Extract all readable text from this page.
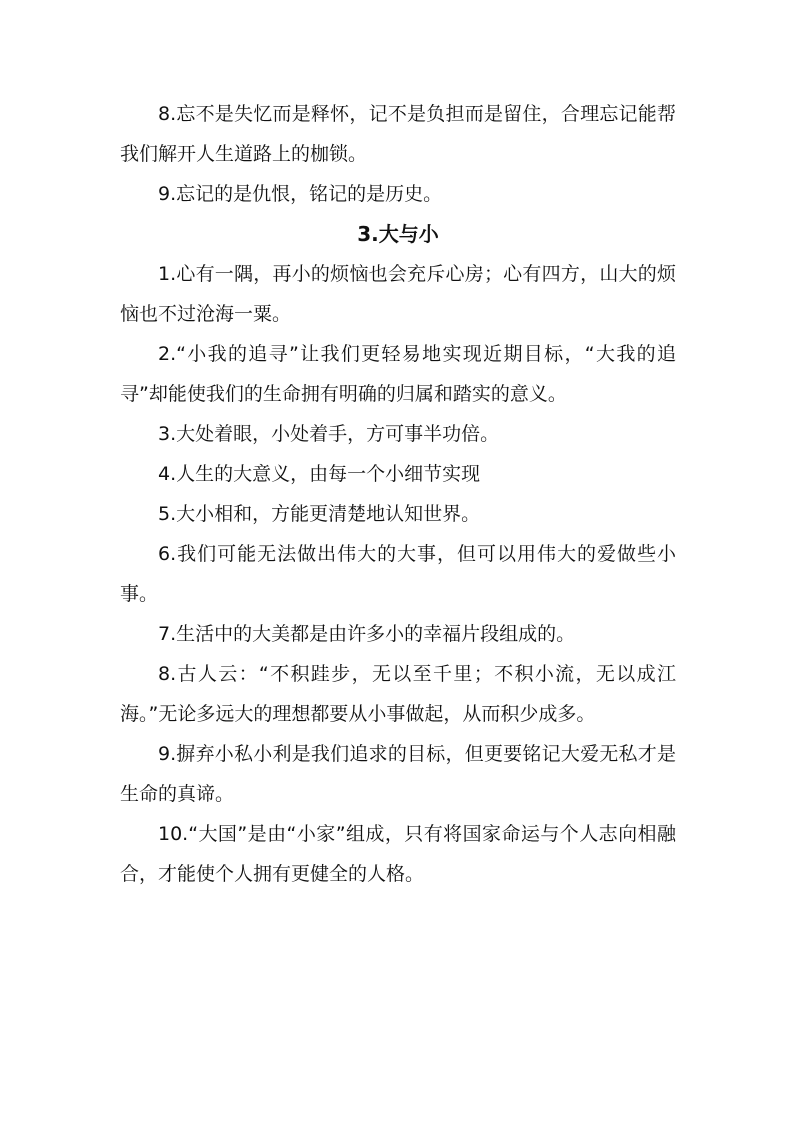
8.忘不是失忆而是释怀，记不是负担而是留住，合理忘记能帮我们解开人生道路上的枷锁。

9.忘记的是仇恨，铭记的是历史。

3.大与小

1.心有一隅，再小的烦恼也会充斥心房；心有四方，山大的烦恼也不过沧海一粟。

2.“小我的追寻”让我们更轻易地实现近期目标，“大我的追寻”却能使我们的生命拥有明确的归属和踏实的意义。

3.大处着眼，小处着手，方可事半功倍。

4.人生的大意义，由每一个小细节实现

5.大小相和，方能更清楚地认知世界。

6.我们可能无法做出伟大的大事，但可以用伟大的爱做些小事。

7.生活中的大美都是由许多小的幸福片段组成的。

8.古人云：“不积跬步，无以至千里；不积小流，无以成江海。”无论多远大的理想都要从小事做起，从而积少成多。

9.摒弃小私小利是我们追求的目标，但更要铭记大爱无私才是生命的真谛。

10.“大国”是由“小家”组成，只有将国家命运与个人志向相融合，才能使个人拥有更健全的人格。
